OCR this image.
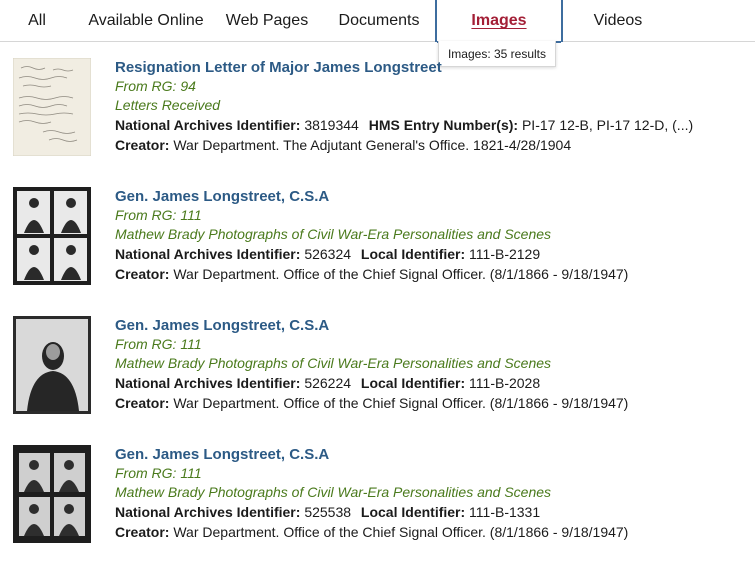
All	Available Online	Web Pages	Documents	Images	Videos
Images: 35 results
Resignation Letter of Major James Longstreet
From RG: 94
Letters Received
National Archives Identifier: 3819344 HMS Entry Number(s): PI-17 12-B, PI-17 12-D, (...)
Creator: War Department. The Adjutant General's Office. 1821-4/28/1904
Gen. James Longstreet, C.S.A
From RG: 111
Mathew Brady Photographs of Civil War-Era Personalities and Scenes
National Archives Identifier: 526324 Local Identifier: 111-B-2129
Creator: War Department. Office of the Chief Signal Officer. (8/1/1866 - 9/18/1947)
Gen. James Longstreet, C.S.A
From RG: 111
Mathew Brady Photographs of Civil War-Era Personalities and Scenes
National Archives Identifier: 526224 Local Identifier: 111-B-2028
Creator: War Department. Office of the Chief Signal Officer. (8/1/1866 - 9/18/1947)
Gen. James Longstreet, C.S.A
From RG: 111
Mathew Brady Photographs of Civil War-Era Personalities and Scenes
National Archives Identifier: 525538 Local Identifier: 111-B-1331
Creator: War Department. Office of the Chief Signal Officer. (8/1/1866 - 9/18/1947)
